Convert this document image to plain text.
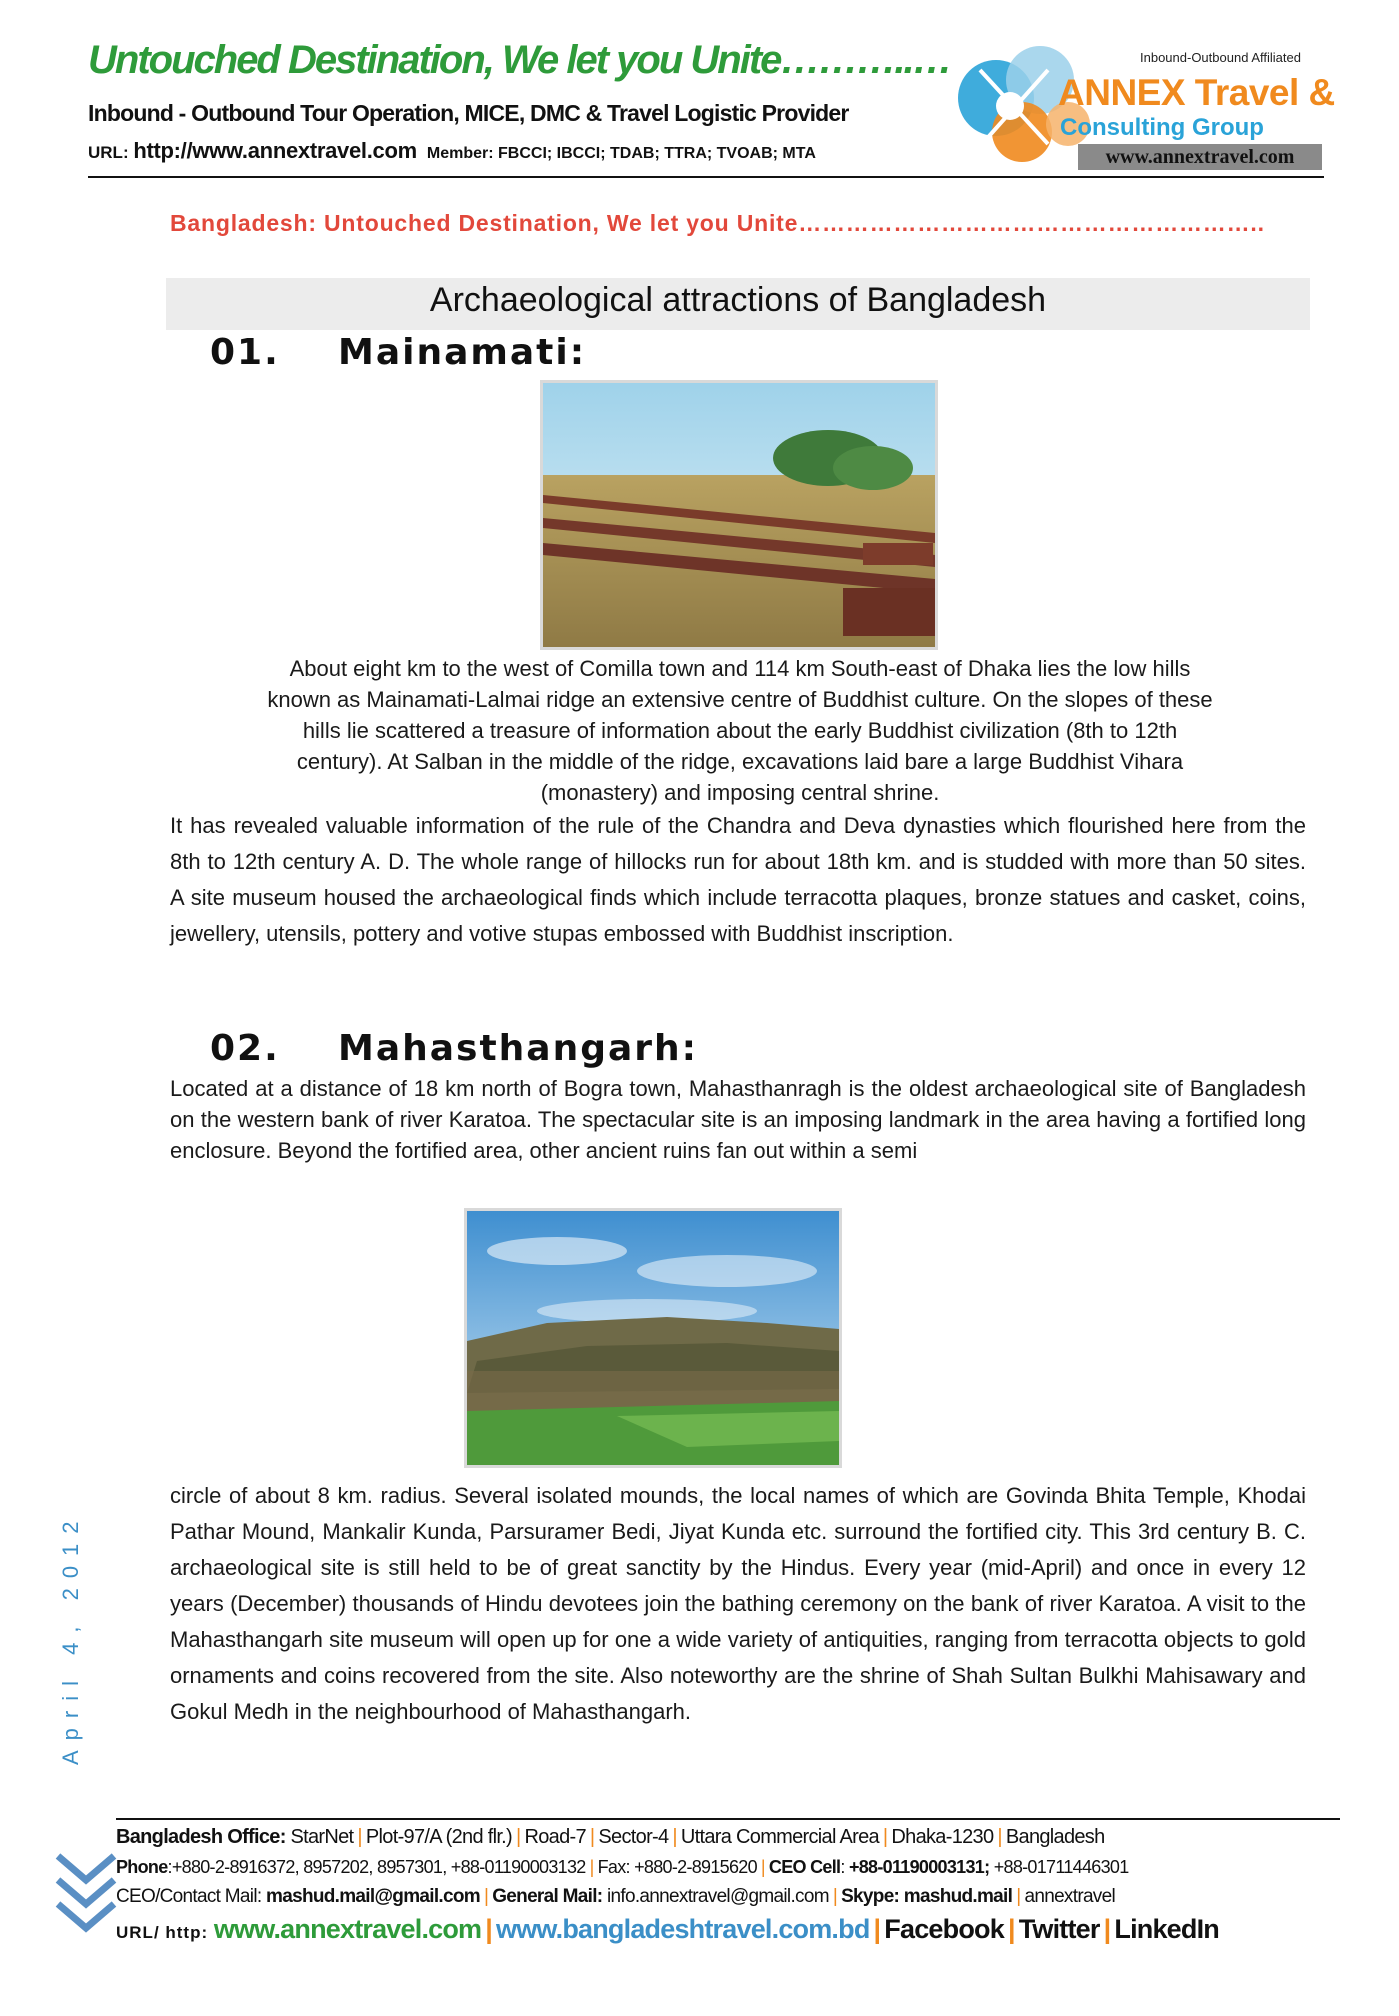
Untouched Destination, We let you Unite………..…
Inbound - Outbound Tour Operation, MICE, DMC & Travel Logistic Provider
URL: http://www.annextravel.com Member: FBCCI; IBCCI; TDAB; TTRA; TVOAB; MTA
Inbound-Outbound Affiliated
ANNEX Travel &
Consulting Group
www.annextravel.com
Bangladesh: Untouched Destination, We let you Unite…………………………………………………..
Archaeological attractions of Bangladesh
01. Mainamati:
About eight km to the west of Comilla town and 114 km South-east of Dhaka lies the low hills
known as Mainamati-Lalmai ridge an extensive centre of Buddhist culture. On the slopes of these
hills lie scattered a treasure of information about the early Buddhist civilization (8th to 12th
century). At Salban in the middle of the ridge, excavations laid bare a large Buddhist Vihara
(monastery) and imposing central shrine.
It has revealed valuable information of the rule of the Chandra and Deva dynasties which flourished here from the 8th to 12th century A. D. The whole range of hillocks run for about 18th km. and is studded with more than 50 sites. A site museum housed the archaeological finds which include terracotta plaques, bronze statues and casket, coins, jewellery, utensils, pottery and votive stupas embossed with Buddhist inscription.
02. Mahasthangarh:
Located at a distance of 18 km north of Bogra town, Mahasthanragh is the oldest archaeological site of Bangladesh on the western bank of river Karatoa. The spectacular site is an imposing landmark in the area having a fortified long enclosure. Beyond the fortified area, other ancient ruins fan out within a semi
circle of about 8 km. radius. Several isolated mounds, the local names of which are Govinda Bhita Temple, Khodai Pathar Mound, Mankalir Kunda, Parsuramer Bedi, Jiyat Kunda etc. surround the fortified city. This 3rd century B. C. archaeological site is still held to be of great sanctity by the Hindus. Every year (mid-April) and once in every 12 years (December) thousands of Hindu devotees join the bathing ceremony on the bank of river Karatoa. A visit to the Mahasthangarh site museum will open up for one a wide variety of antiquities, ranging from terracotta objects to gold ornaments and coins recovered from the site. Also noteworthy are the shrine of Shah Sultan Bulkhi Mahisawary and Gokul Medh in the neighbourhood of Mahasthangarh.
April 4, 2012
Bangladesh Office: StarNet | Plot-97/A (2nd flr.) | Road-7 | Sector-4 | Uttara Commercial Area | Dhaka-1230 | Bangladesh
Phone:+880-2-8916372, 8957202, 8957301, +88-01190003132 | Fax: +880-2-8915620 | CEO Cell: +88-01190003131; +88-01711446301
CEO/Contact Mail: mashud.mail@gmail.com | General Mail: info.annextravel@gmail.com | Skype: mashud.mail | annextravel
URL/ http: www.annextravel.com | www.bangladeshtravel.com.bd | Facebook | Twitter | LinkedIn
